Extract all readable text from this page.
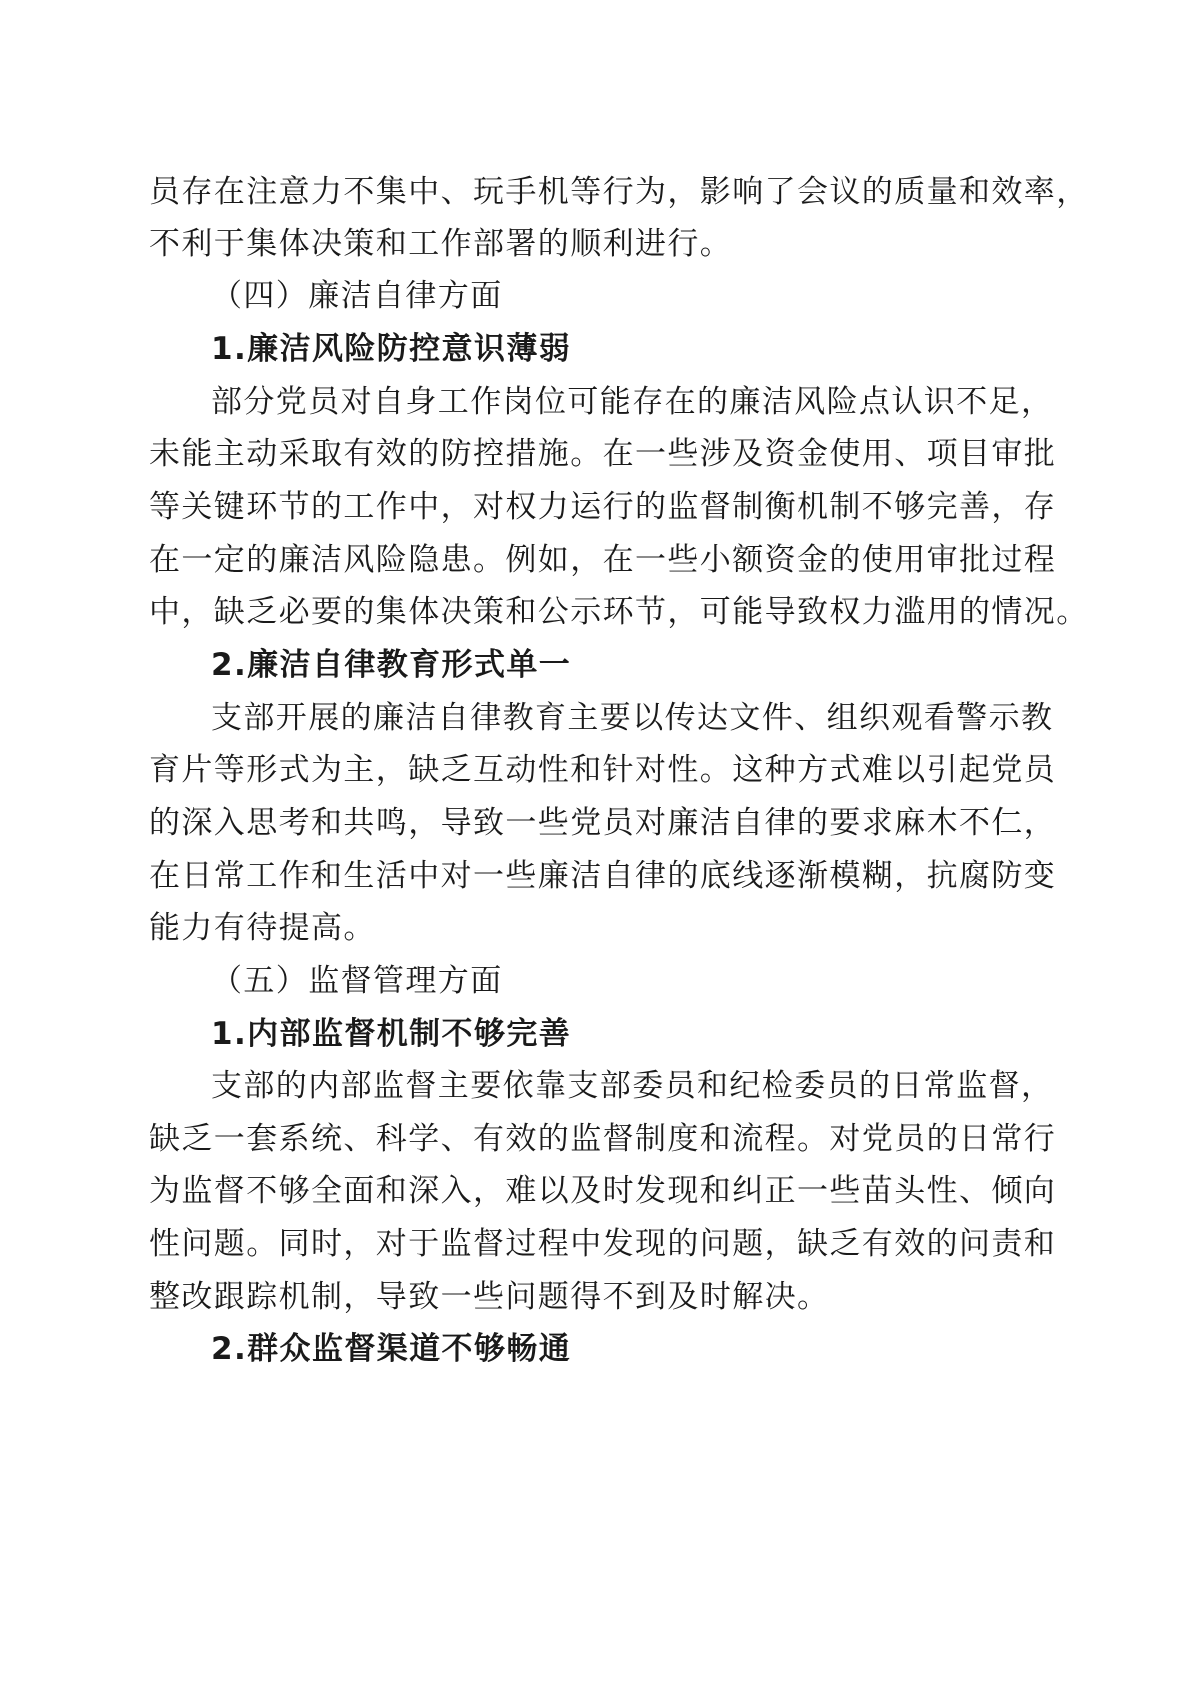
员存在注意力不集中、玩手机等行为，影响了会议的质量和效率，
不利于集体决策和工作部署的顺利进行。
（四）廉洁自律方面
1.廉洁风险防控意识薄弱
部分党员对自身工作岗位可能存在的廉洁风险点认识不足，
未能主动采取有效的防控措施。在一些涉及资金使用、项目审批
等关键环节的工作中，对权力运行的监督制衡机制不够完善，存
在一定的廉洁风险隐患。例如，在一些小额资金的使用审批过程
中，缺乏必要的集体决策和公示环节，可能导致权力滥用的情况。
2.廉洁自律教育形式单一
支部开展的廉洁自律教育主要以传达文件、组织观看警示教
育片等形式为主，缺乏互动性和针对性。这种方式难以引起党员
的深入思考和共鸣，导致一些党员对廉洁自律的要求麻木不仁，
在日常工作和生活中对一些廉洁自律的底线逐渐模糊，抗腐防变
能力有待提高。
（五）监督管理方面
1.内部监督机制不够完善
支部的内部监督主要依靠支部委员和纪检委员的日常监督，
缺乏一套系统、科学、有效的监督制度和流程。对党员的日常行
为监督不够全面和深入，难以及时发现和纠正一些苗头性、倾向
性问题。同时，对于监督过程中发现的问题，缺乏有效的问责和
整改跟踪机制，导致一些问题得不到及时解决。
2.群众监督渠道不够畅通
